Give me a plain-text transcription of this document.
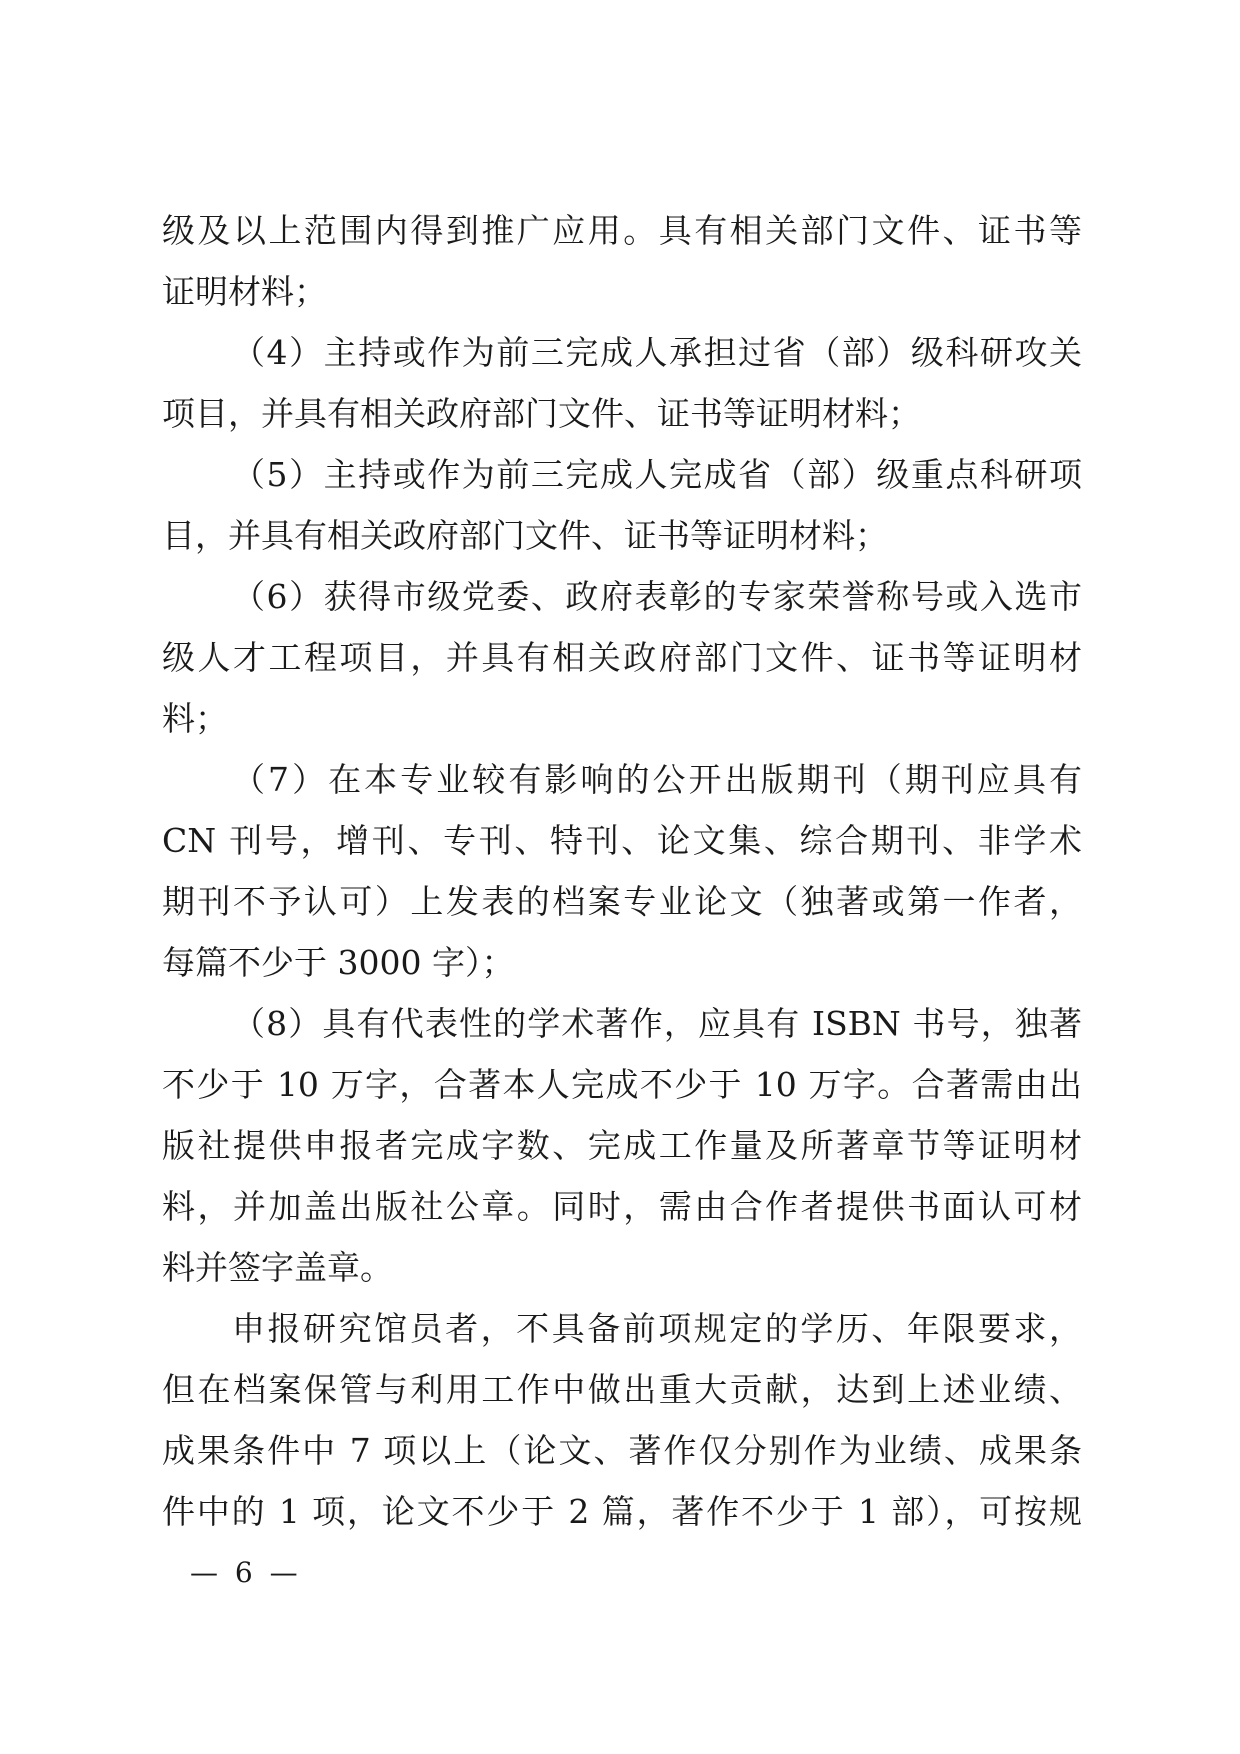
级及以上范围内得到推广应用。具有相关部门文件、证书等
证明材料；
（4）主持或作为前三完成人承担过省（部）级科研攻关
项目，并具有相关政府部门文件、证书等证明材料；
（5）主持或作为前三完成人完成省（部）级重点科研项
目，并具有相关政府部门文件、证书等证明材料；
（6）获得市级党委、政府表彰的专家荣誉称号或入选市
级人才工程项目，并具有相关政府部门文件、证书等证明材
料；
（7）在本专业较有影响的公开出版期刊（期刊应具有
CN 刊号，增刊、专刊、特刊、论文集、综合期刊、非学术
期刊不予认可）上发表的档案专业论文（独著或第一作者，
每篇不少于 3000 字）；
（8）具有代表性的学术著作，应具有 ISBN 书号，独著
不少于 10 万字，合著本人完成不少于 10 万字。合著需由出
版社提供申报者完成字数、完成工作量及所著章节等证明材
料，并加盖出版社公章。同时，需由合作者提供书面认可材
料并签字盖章。
申报研究馆员者，不具备前项规定的学历、年限要求，
但在档案保管与利用工作中做出重大贡献，达到上述业绩、
成果条件中 7 项以上（论文、著作仅分别作为业绩、成果条
件中的 1 项，论文不少于 2 篇，著作不少于 1 部），可按规
— 6 —
